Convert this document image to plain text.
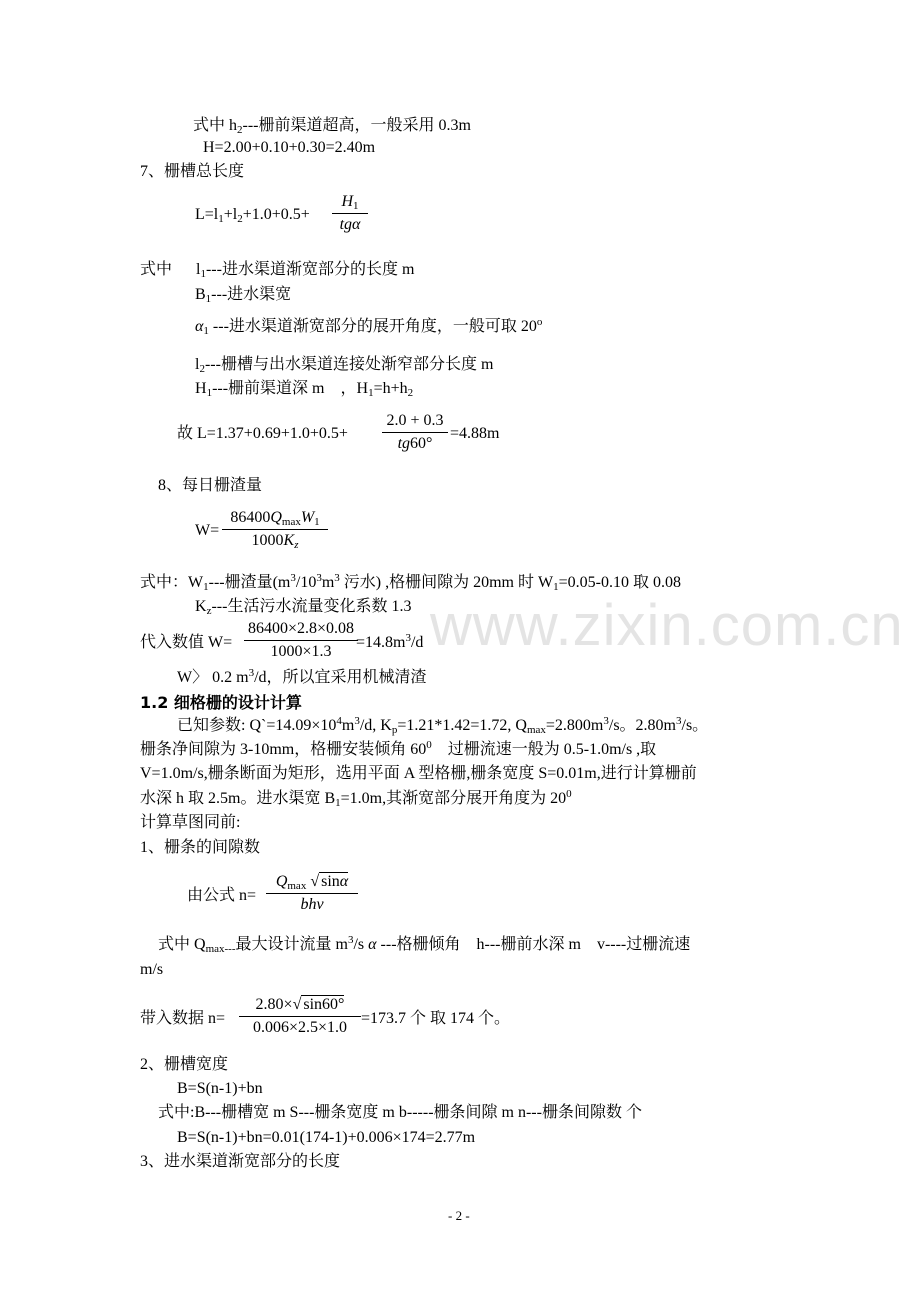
www.zixin.com.cn
式中 $h_2---$栅前渠道超高，一般采用 0.3m
H=2.00+0.10+0.30=2.40m
7、栅槽总长度
$L=l_1+l_2+1.0+0.5+$
$H_1$
tgα
式中 $l_1---$进水渠道渐宽部分的长度 m
$B_1---$进水渠宽
$\alpha_1$ ---进水渠道渐宽部分的展开角度，一般可取 20$^o$
$l_2---$栅槽与出水渠道连接处渐窄部分长度 m
$H_1---$栅前渠道深 m    ，$H_1=h+h_2$
故 L=1.37+0.69+1.0+0.5+
2.0 + 0.3
tg60°
=4.88m
8、每日栅渣量
W=
$86400Q_{max}W_1$
$1000K_z$
式中：$W_1---$栅渣量($m^3/10^3m^3$ 污水) ,格栅间隙为 20mm 时 $W_1=0.05-0.10$ 取 0.08
$K_z---$生活污水流量变化系数 1.3
代入数值 W=
86400×2.8×0.08
1000×1.3
$=14.8m^3/d$
W〉 0.2 $m^3/d$，所以宜采用机械清渣
1.2 细格栅的设计计算
已知参数: $Q`=14.09\times 10^4m^3/d$, $K_p=1.21*1.42=1.72$, $Q_{max}=2.800m^3/s$。$2.80m^3/s$。
栅条净间隙为 3-10mm，格栅安装倾角 $60^0$    过栅流速一般为 0.5-1.0m/s ,取
V=1.0m/s,栅条断面为矩形，选用平面 A 型格栅,栅条宽度 S=0.01m,进行计算栅前
水深 h 取 2.5m。进水渠宽 $B_1=1.0m$,其渐宽部分展开角度为 $20^0$
计算草图同前:
1、栅条的间隙数
由公式 n=
$Q_{max}$ √ sinα
bhv
式中 $Q_{max---}$最大设计流量 $m^3/s$ α ---格栅倾角    h---栅前水深 m    v----过栅流速
m/s
带入数据 n=
2.80×√ sin60°
0.006×2.5×1.0
=173.7 个 取 174 个。
2、栅槽宽度
B=S(n-1)+bn
式中:B---栅槽宽 m S---栅条宽度 m b-----栅条间隙 m n---栅条间隙数 个
B=S(n-1)+bn=0.01(174-1)+0.006×174=2.77m
3、进水渠道渐宽部分的长度
- 2 -
